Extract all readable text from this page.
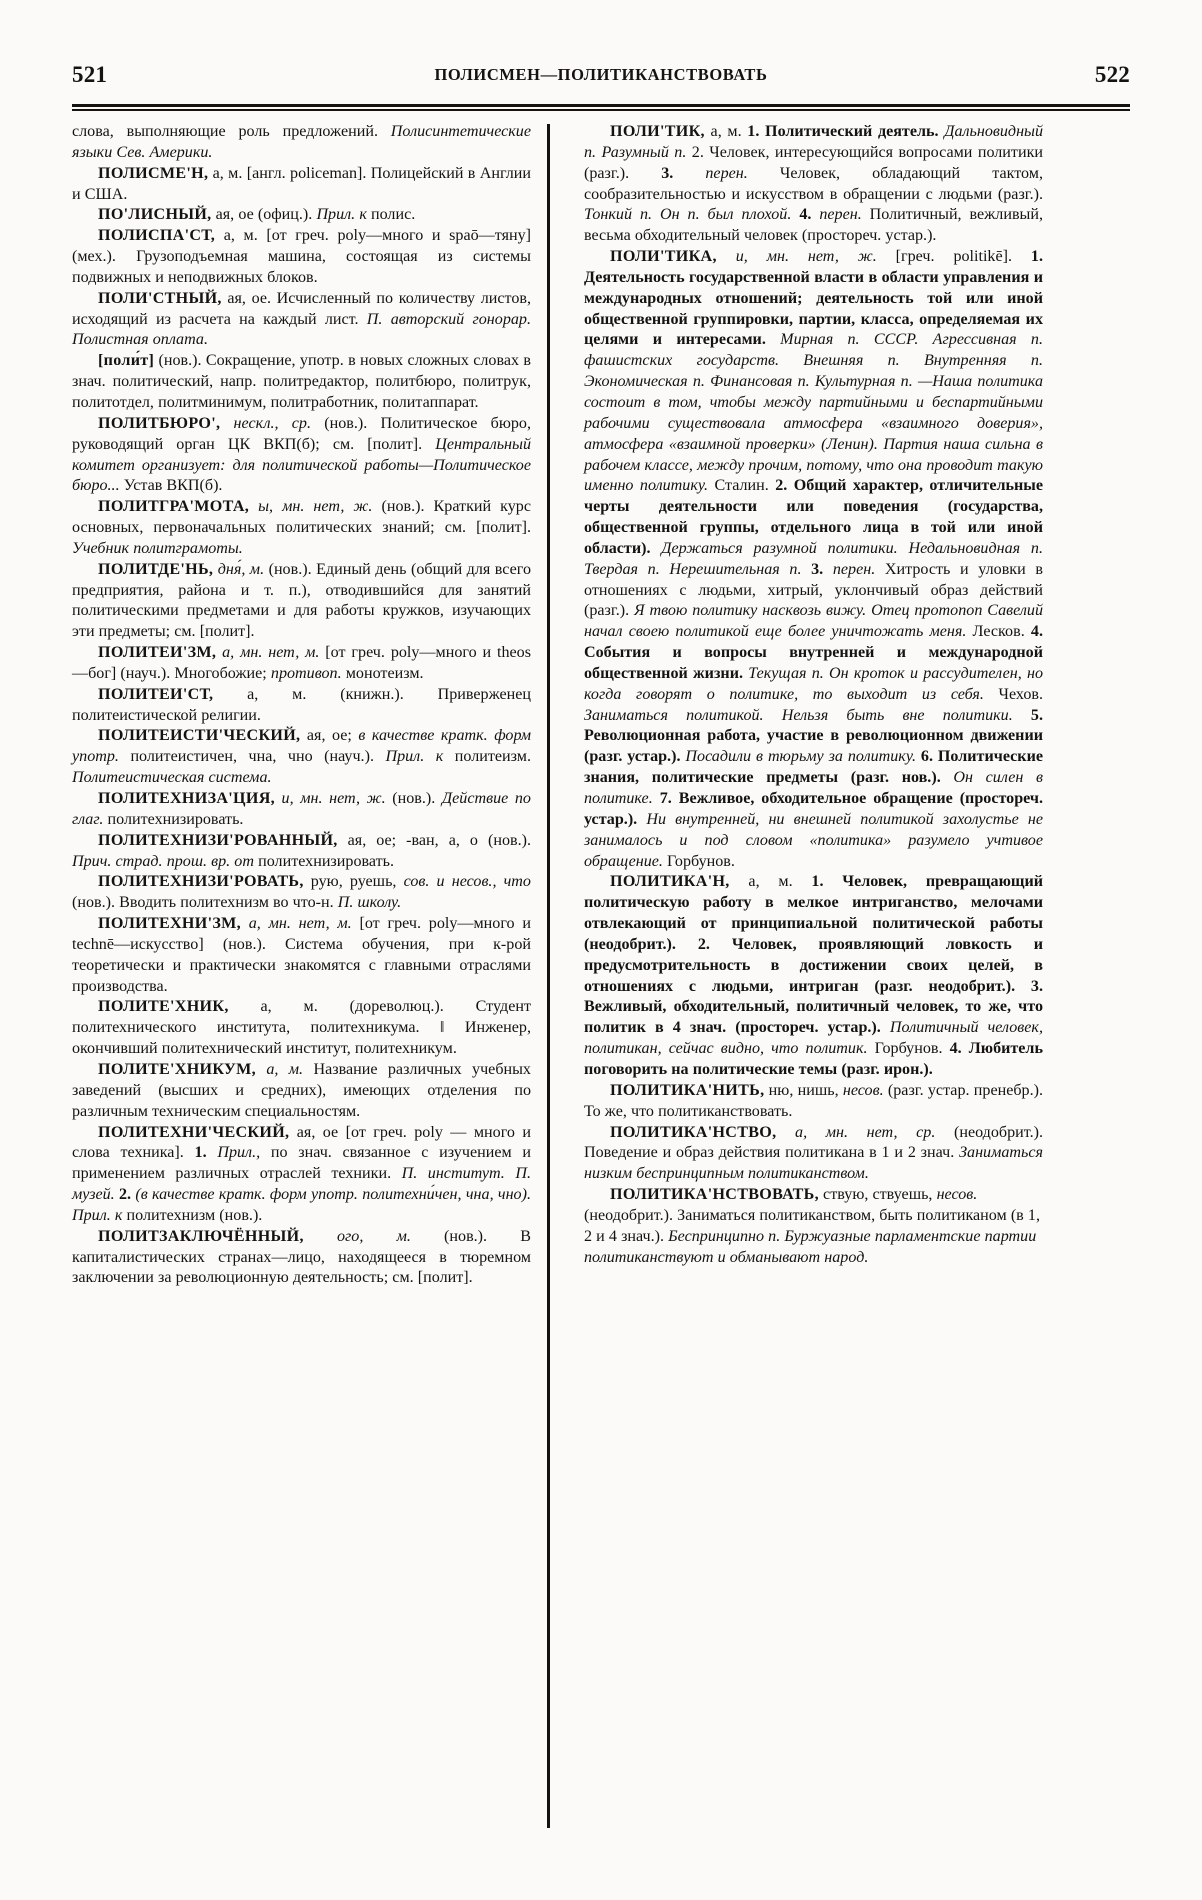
521	ПОЛИСМЕН—ПОЛИТИКАНСТВОВАТЬ	522

слова, выполняющие роль предложений. Полисинтетические языки Сев. Америки.

ПОЛИСМЕ'Н, а, м. [англ. policeman]. Полицейский в Англии и США.

ПО'ЛИСНЫЙ, ая, ое (офиц.). Прил. к полис.

ПОЛИСПА'СТ, а, м. [от греч. poly—много и spaō—тяну] (мех.). Грузоподъемная машина, состоящая из системы подвижных и неподвижных блоков.

ПОЛИ'СТНЫЙ, ая, ое. Исчисленный по количеству листов, исходящий из расчета на каждый лист. П. авторский гонорар. Полистная оплата.

[поли́т] (нов.). Сокращение, употр. в новых сложных словах в знач. политический, напр. политредактор, политбюро, политрук, политотдел, политминимум, политработник, политаппарат.

ПОЛИТБЮРО', нескл., ср. (нов.). Политическое бюро, руководящий орган ЦК ВКП(б); см. [полит]. Центральный комитет организует: для политической работы—Политическое бюро... Устав ВКП(б).

ПОЛИТГРА'МОТА, ы, мн. нет, ж. (нов.). Краткий курс основных, первоначальных политических знаний; см. [полит]. Учебник политграмоты.

ПОЛИТДЕ'НЬ, дня́, м. (нов.). Единый день (общий для всего предприятия, района и т. п.), отводившийся для занятий политическими предметами и для работы кружков, изучающих эти предметы; см. [полит].

ПОЛИТЕИ'ЗМ, а, мн. нет, м. [от греч. poly—много и theos—бог] (науч.). Многобожие; противоп. монотеизм.

ПОЛИТЕИ'СТ, а, м. (книжн.). Приверженец политеистической религии.

ПОЛИТЕИСТИ'ЧЕСКИЙ, ая, ое; в качестве кратк. форм употр. политеистичен, чна, чно (науч.). Прил. к политеизм. Политеистическая система.

ПОЛИТЕХНИЗА'ЦИЯ, и, мн. нет, ж. (нов.). Действие по глаг. политехнизировать.

ПОЛИТЕХНИЗИ'РОВАННЫЙ, ая, ое; -ван, а, о (нов.). Прич. страд. прош. вр. от политехнизировать.

ПОЛИТЕХНИЗИ'РОВАТЬ, рую, руешь, сов. и несов., что (нов.). Вводить политехнизм во что-н. П. школу.

ПОЛИТЕХНИ'ЗМ, а, мн. нет, м. [от греч. poly—много и technē—искусство] (нов.). Система обучения, при к-рой теоретически и практически знакомятся с главными отраслями производства.

ПОЛИТЕ'ХНИК, а, м. (дореволюц.). Студент политехнического института, политехникума. ‖ Инженер, окончивший политехнический институт, политехникум.

ПОЛИТЕ'ХНИКУМ, а, м. Название различных учебных заведений (высших и средних), имеющих отделения по различным техническим специальностям.

ПОЛИТЕХНИ'ЧЕСКИЙ, ая, ое [от греч. poly — много и слова техника]. 1. Прил., по знач. связанное с изучением и применением различных отраслей техники. П. институт. П. музей. 2. (в качестве кратк. форм употр. политехни́чен, чна, чно). Прил. к политехнизм (нов.).

ПОЛИТЗАКЛЮЧЁННЫЙ, ого, м. (нов.). В капиталистических странах—лицо, находящееся в тюремном заключении за революционную деятельность; см. [полит].

ПОЛИ'ТИК, а, м. 1. Политический деятель. Дальновидный п. Разумный п. 2. Человек, интересующийся вопросами политики (разг.). 3. перен. Человек, обладающий тактом, сообразительностью и искусством в обращении с людьми (разг.). Тонкий п. Он п. был плохой. 4. перен. Политичный, вежливый, весьма обходительный человек (простореч. устар.).

ПОЛИ'ТИКА, и, мн. нет, ж. [греч. politikē]. 1. Деятельность государственной власти в области управления и международных отношений; деятельность той или иной общественной группировки, партии, класса, определяемая их целями и интересами. Мирная п. СССР. Агрессивная п. фашистских государств. Внешняя п. Внутренняя п. Экономическая п. Финансовая п. Культурная п. —Наша политика состоит в том, чтобы между партийными и беспартийными рабочими существовала атмосфера «взаимного доверия», атмосфера «взаимной проверки» (Ленин). Партия наша сильна в рабочем классе, между прочим, потому, что она проводит такую именно политику. Сталин. 2. Общий характер, отличительные черты деятельности или поведения (государства, общественной группы, отдельного лица в той или иной области). Держаться разумной политики. Недальновидная п. Твердая п. Нерешительная п. 3. перен. Хитрость и уловки в отношениях с людьми, хитрый, уклончивый образ действий (разг.). Я твою политику насквозь вижу. Отец протопоп Савелий начал своею политикой еще более уничтожать меня. Лесков. 4. События и вопросы внутренней и международной общественной жизни. Текущая п. Он кроток и рассудителен, но когда говорят о политике, то выходит из себя. Чехов. Заниматься политикой. Нельзя быть вне политики. 5. Революционная работа, участие в революционном движении (разг. устар.). Посадили в тюрьму за политику. 6. Политические знания, политические предметы (разг. нов.). Он силен в политике. 7. Вежливое, обходительное обращение (простореч. устар.). Ни внутренней, ни внешней политикой захолустье не занималось и под словом «политика» разумело учтивое обращение. Горбунов.

ПОЛИТИКА'Н, а, м. 1. Человек, превращающий политическую работу в мелкое интриганство, мелочами отвлекающий от принципиальной политической работы (неодобрит.). 2. Человек, проявляющий ловкость и предусмотрительность в достижении своих целей, в отношениях с людьми, интриган (разг. неодобрит.). 3. Вежливый, обходительный, политичный человек, то же, что политик в 4 знач. (простореч. устар.). Политичный человек, политикан, сейчас видно, что политик. Горбунов. 4. Любитель поговорить на политические темы (разг. ирон.).

ПОЛИТИКА'НИТЬ, ню, нишь, несов. (разг. устар. пренебр.). То же, что политиканствовать.

ПОЛИТИКА'НСТВО, а, мн. нет, ср. (неодобрит.). Поведение и образ действия политикана в 1 и 2 знач. Заниматься низким беспринципным политиканством.

ПОЛИТИКА'НСТВОВАТЬ, ствую, ствуешь, несов. (неодобрит.). Заниматься политиканством, быть политиканом (в 1, 2 и 4 знач.). Беспринципно п. Буржуазные парламентские партии политиканствуют и обманывают народ.
